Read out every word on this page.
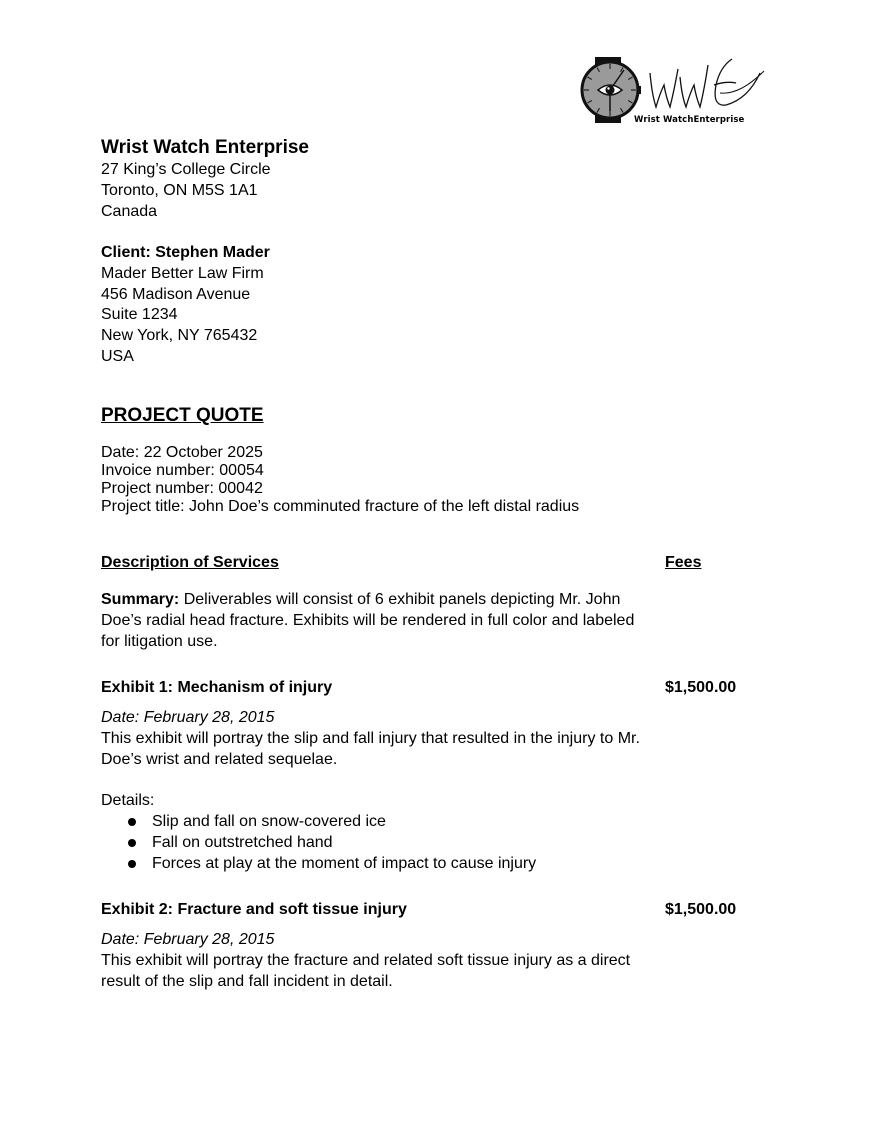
Wrist WatchEnterprise
Wrist Watch Enterprise
27 King’s College Circle
Toronto, ON M5S 1A1
Canada
Client: Stephen Mader
Mader Better Law Firm
456 Madison Avenue
Suite 1234
New York, NY 765432
USA
PROJECT QUOTE
Date: 22 October 2025
Invoice number: 00054
Project number: 00042
Project title: John Doe’s comminuted fracture of the left distal radius
Description of Services	Fees
Summary: Deliverables will consist of 6 exhibit panels depicting Mr. John Doe’s radial head fracture. Exhibits will be rendered in full color and labeled for litigation use.
Exhibit 1: Mechanism of injury	$1,500.00
Date: February 28, 2015
This exhibit will portray the slip and fall injury that resulted in the injury to Mr. Doe’s wrist and related sequelae.
Details:
Slip and fall on snow-covered ice
Fall on outstretched hand
Forces at play at the moment of impact to cause injury
Exhibit 2: Fracture and soft tissue injury	$1,500.00
Date: February 28, 2015
This exhibit will portray the fracture and related soft tissue injury as a direct result of the slip and fall incident in detail.
